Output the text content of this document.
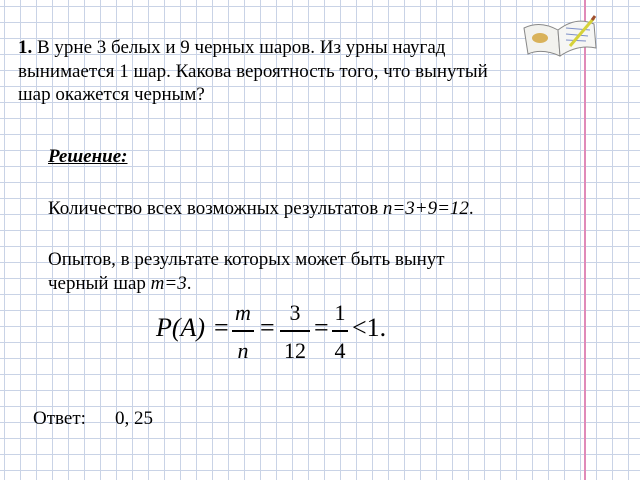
1. В урне 3 белых и 9 черных шаров. Из урны наугад
вынимается 1 шар. Какова вероятность того, что вынутый
шар окажется черным?
Решение:
Количество всех возможных результатов n=3+9=12.
Опытов, в результате которых может быть вынут
черный шар m=3.
P(A) =
m
n
=
3
12
=
1
4
<1.
Ответ: 0, 25
